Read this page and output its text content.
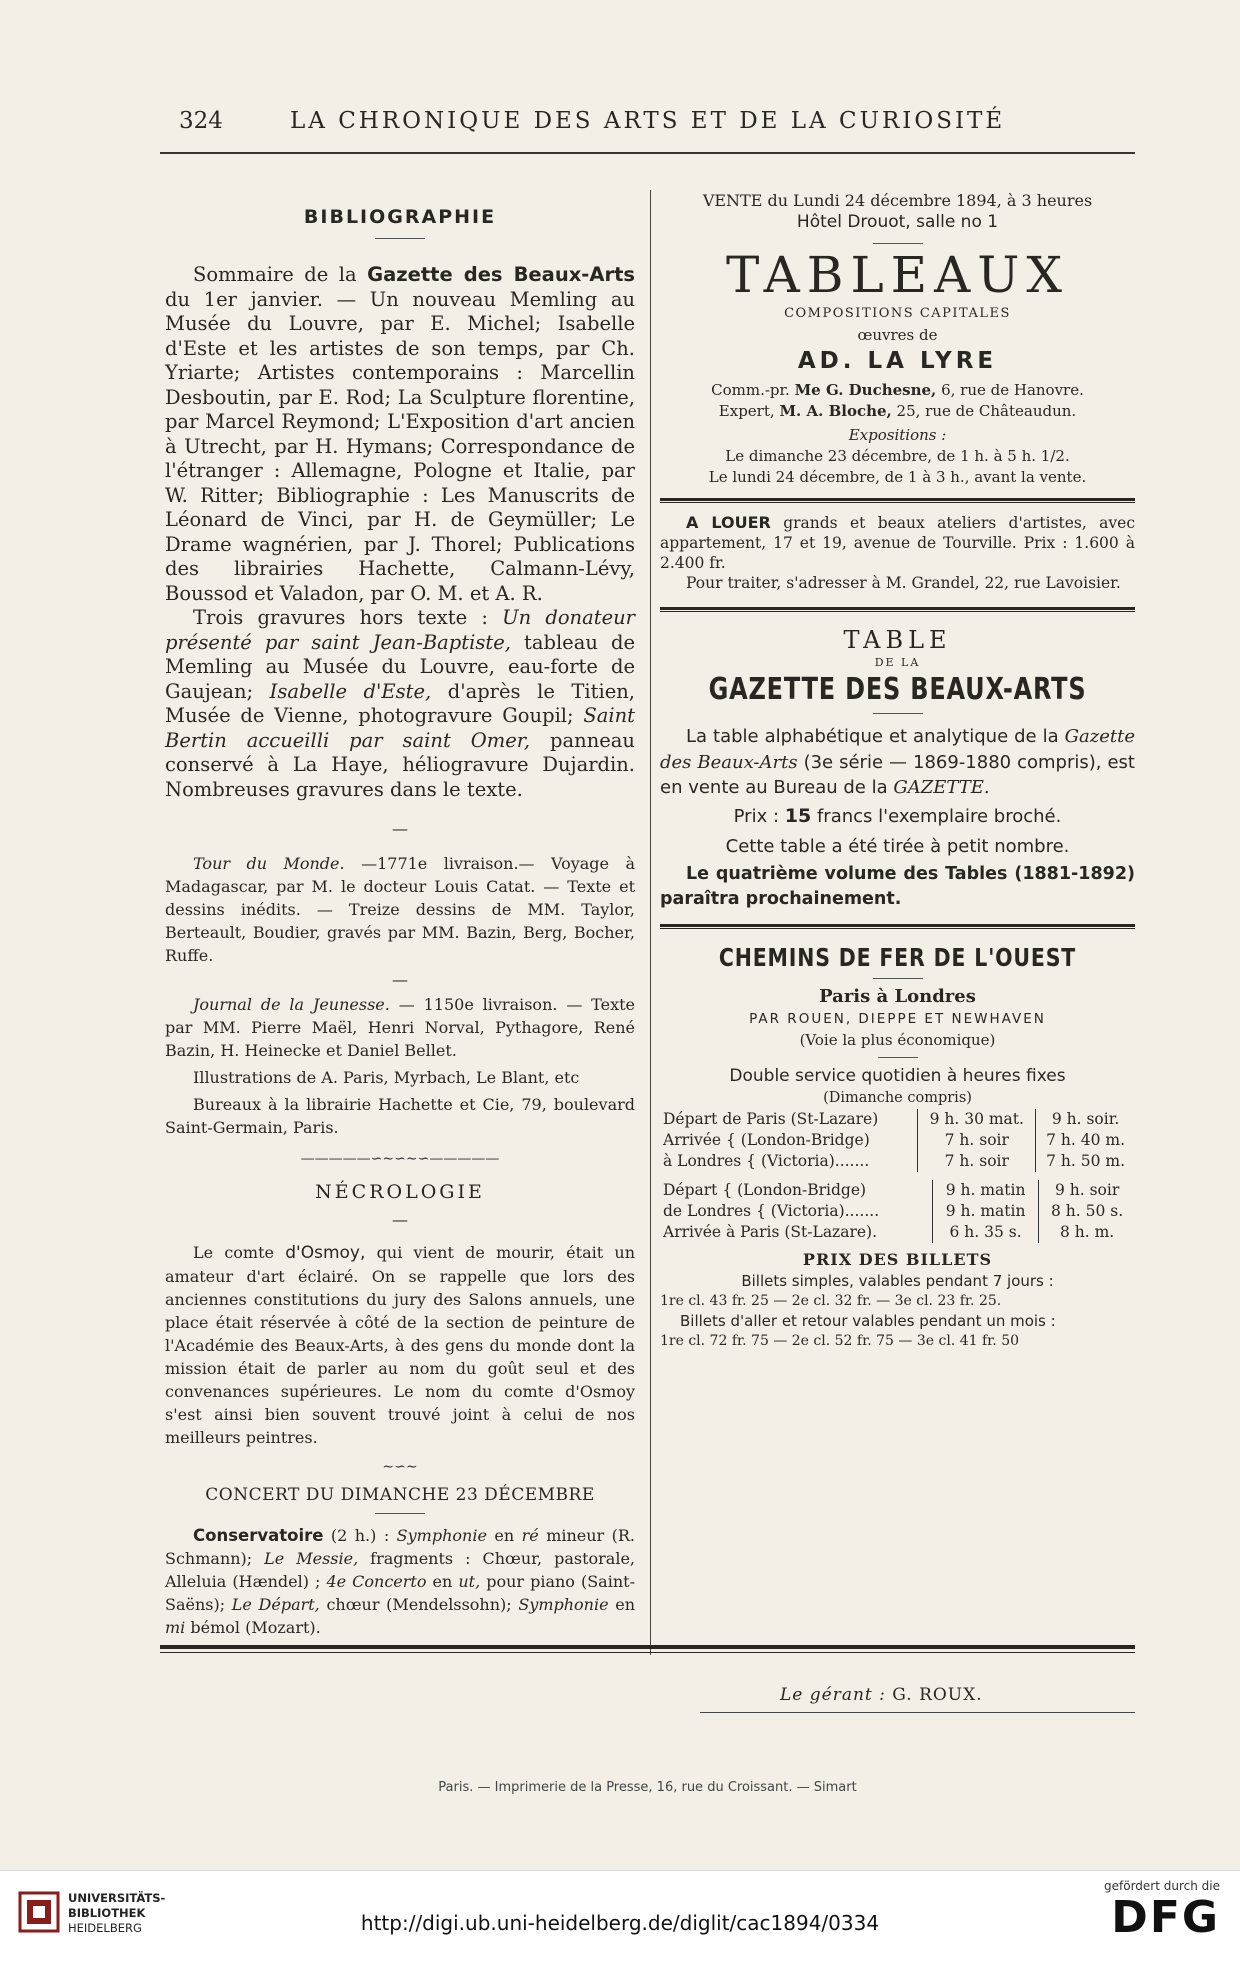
324	LA CHRONIQUE DES ARTS ET DE LA CURIOSITÉ
BIBLIOGRAPHIE

Sommaire de la Gazette des Beaux-Arts du 1er janvier. — Un nouveau Memling au Musée du Louvre, par E. Michel; Isabelle d'Este et les artistes de son temps, par Ch. Yriarte; Artistes contemporains : Marcellin Desboutin, par E. Rod; La Sculpture florentine, par Marcel Reymond; L'Exposition d'art ancien à Utrecht, par H. Hymans; Correspondance de l'étranger : Allemagne, Pologne et Italie, par W. Ritter; Bibliographie : Les Manuscrits de Léonard de Vinci, par H. de Geymüller; Le Drame wagnérien, par J. Thorel; Publications des librairies Hachette, Calmann-Lévy, Boussod et Valadon, par O. M. et A. R.

Trois gravures hors texte : Un donateur présenté par saint Jean-Baptiste, tableau de Memling au Musée du Louvre, eau-forte de Gaujean; Isabelle d'Este, d'après le Titien, Musée de Vienne, photogravure Goupil; Saint Bertin accueilli par saint Omer, panneau conservé à La Haye, héliogravure Dujardin. Nombreuses gravures dans le texte.

—

Tour du Monde. —1771e livraison.— Voyage à Madagascar, par M. le docteur Louis Catat. — Texte et dessins inédits. — Treize dessins de MM. Taylor, Berteault, Boudier, gravés par MM. Bazin, Berg, Bocher, Ruffe.

—

Journal de la Jeunesse. — 1150e livraison. — Texte par MM. Pierre Maël, Henri Norval, Pythagore, René Bazin, H. Heinecke et Daniel Bellet.

Illustrations de A. Paris, Myrbach, Le Blant, etc

Bureaux à la librairie Hachette et Cie, 79, boulevard Saint-Germain, Paris.

—————∽∼∽∼∽—————
NÉCROLOGIE
—

Le comte d'Osmoy, qui vient de mourir, était un amateur d'art éclairé. On se rappelle que lors des anciennes constitutions du jury des Salons annuels, une place était réservée à côté de la section de peinture de l'Académie des Beaux-Arts, à des gens du monde dont la mission était de parler au nom du goût seul et des convenances supérieures. Le nom du comte d'Osmoy s'est ainsi bien souvent trouvé joint à celui de nos meilleurs peintres.

∼∽∼
CONCERT DU DIMANCHE 23 DÉCEMBRE

Conservatoire (2 h.) : Symphonie en ré mineur (R. Schmann); Le Messie, fragments : Chœur, pastorale, Alleluia (Hændel) ; 4e Concerto en ut, pour piano (Saint-Saëns); Le Départ, chœur (Mendelssohn); Symphonie en mi bémol (Mozart).

VENTE du Lundi 24 décembre 1894, à 3 heures
Hôtel Drouot, salle no 1
TABLEAUX
COMPOSITIONS CAPITALES
œuvres de
AD. LA LYRE
Comm.-pr. Me G. Duchesne, 6, rue de Hanovre.
Expert, M. A. Bloche, 25, rue de Châteaudun.
Expositions :
Le dimanche 23 décembre, de 1 h. à 5 h. 1/2.
Le lundi 24 décembre, de 1 à 3 h., avant la vente.

A LOUER grands et beaux ateliers d'artistes, avec appartement, 17 et 19, avenue de Tourville. Prix : 1.600 à 2.400 fr.

Pour traiter, s'adresser à M. Grandel, 22, rue Lavoisier.

TABLE
DE LA
GAZETTE DES BEAUX-ARTS

La table alphabétique et analytique de la Gazette des Beaux-Arts (3e série — 1869-1880 compris), est en vente au Bureau de la GAZETTE.

Prix : 15 francs l'exemplaire broché.

Cette table a été tirée à petit nombre.

Le quatrième volume des Tables (1881-1892) paraîtra prochainement.

CHEMINS DE FER DE L'OUEST
Paris à Londres
PAR ROUEN, DIEPPE ET NEWHAVEN
(Voie la plus économique)
Double service quotidien à heures fixes
(Dimanche compris)
Départ de Paris (St-Lazare)	9 h. 30 mat.	9 h. soir.
Arrivée { (London-Bridge)	7 h. soir	7 h. 40 m.
à Londres { (Victoria).......	7 h. soir	7 h. 50 m.
Départ { (London-Bridge)	9 h. matin	9 h. soir
de Londres { (Victoria).......	9 h. matin	8 h. 50 s.
Arrivée à Paris (St-Lazare).	6 h. 35 s.	8 h. m.
PRIX DES BILLETS
Billets simples, valables pendant 7 jours :
1re cl. 43 fr. 25 — 2e cl. 32 fr. — 3e cl. 23 fr. 25.
Billets d'aller et retour valables pendant un mois :
1re cl. 72 fr. 75 — 2e cl. 52 fr. 75 — 3e cl. 41 fr. 50
Le gérant : G. ROUX.
Paris. — Imprimerie de la Presse, 16, rue du Croissant. — Simart
UNIVERSITÄTS-
BIBLIOTHEK
HEIDELBERG	http://digi.ub.uni-heidelberg.de/diglit/cac1894/0334
gefördert durch die
DFG
